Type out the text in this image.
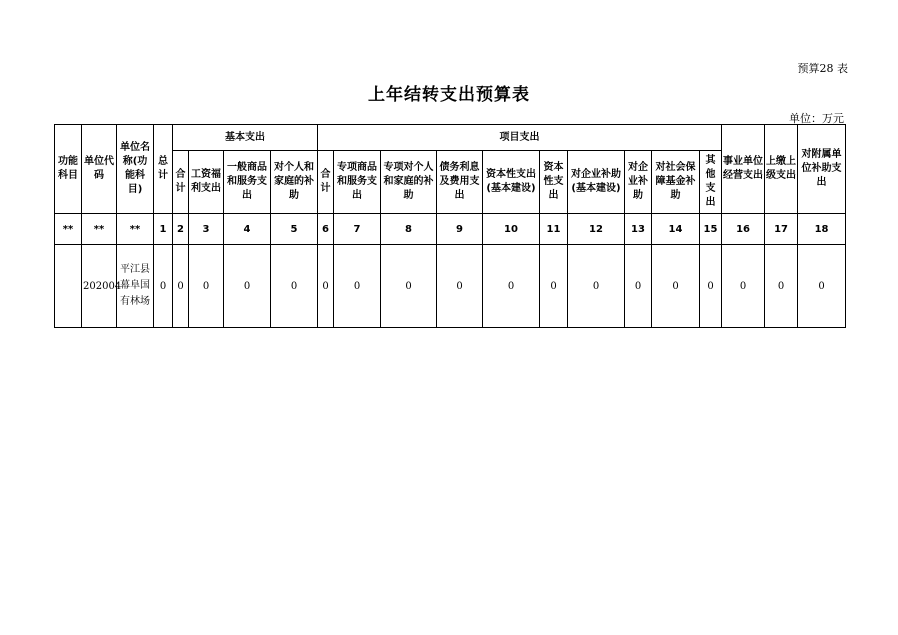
预算28 表
上年结转支出预算表
单位：万元
功能科目	单位代码	单位名称(功能科目)	总计	基本支出				项目支出										事业单位经营支出	上缴上级支出	对附属单位补助支出
				合计	工资福利支出	一般商品和服务支出	对个人和家庭的补助	合计	专项商品和服务支出	专项对个人和家庭的补助	债务利息及费用支出	资本性支出(基本建设)	资本性支出	对企业补助(基本建设)	对企业补助	对社会保障基金补助	其他支出			
**	**	**	1	2	3	4	5	6	7	8	9	10	11	12	13	14	15	16	17	18
	202004	平江县幕阜国有林场	0	0	0	0	0	0	0	0	0	0	0	0	0	0	0	0	0	0
